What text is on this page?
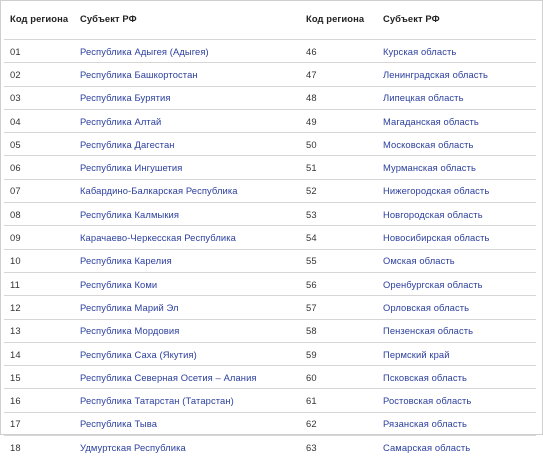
Код региона	Субъект РФ	Код региона	Субъект РФ
01	Республика Адыгея (Адыгея)	46	Курская область
02	Республика Башкортостан	47	Ленинградская область
03	Республика Бурятия	48	Липецкая область
04	Республика Алтай	49	Магаданская область
05	Республика Дагестан	50	Московская область
06	Республика Ингушетия	51	Мурманская область
07	Кабардино-Балкарская Республика	52	Нижегородская область
08	Республика Калмыкия	53	Новгородская область
09	Карачаево-Черкесская Республика	54	Новосибирская область
10	Республика Карелия	55	Омская область
11	Республика Коми	56	Оренбургская область
12	Республика Марий Эл	57	Орловская область
13	Республика Мордовия	58	Пензенская область
14	Республика Саха (Якутия)	59	Пермский край
15	Республика Северная Осетия – Алания	60	Псковская область
16	Республика Татарстан (Татарстан)	61	Ростовская область
17	Республика Тыва	62	Рязанская область
18	Удмуртская Республика	63	Самарская область
